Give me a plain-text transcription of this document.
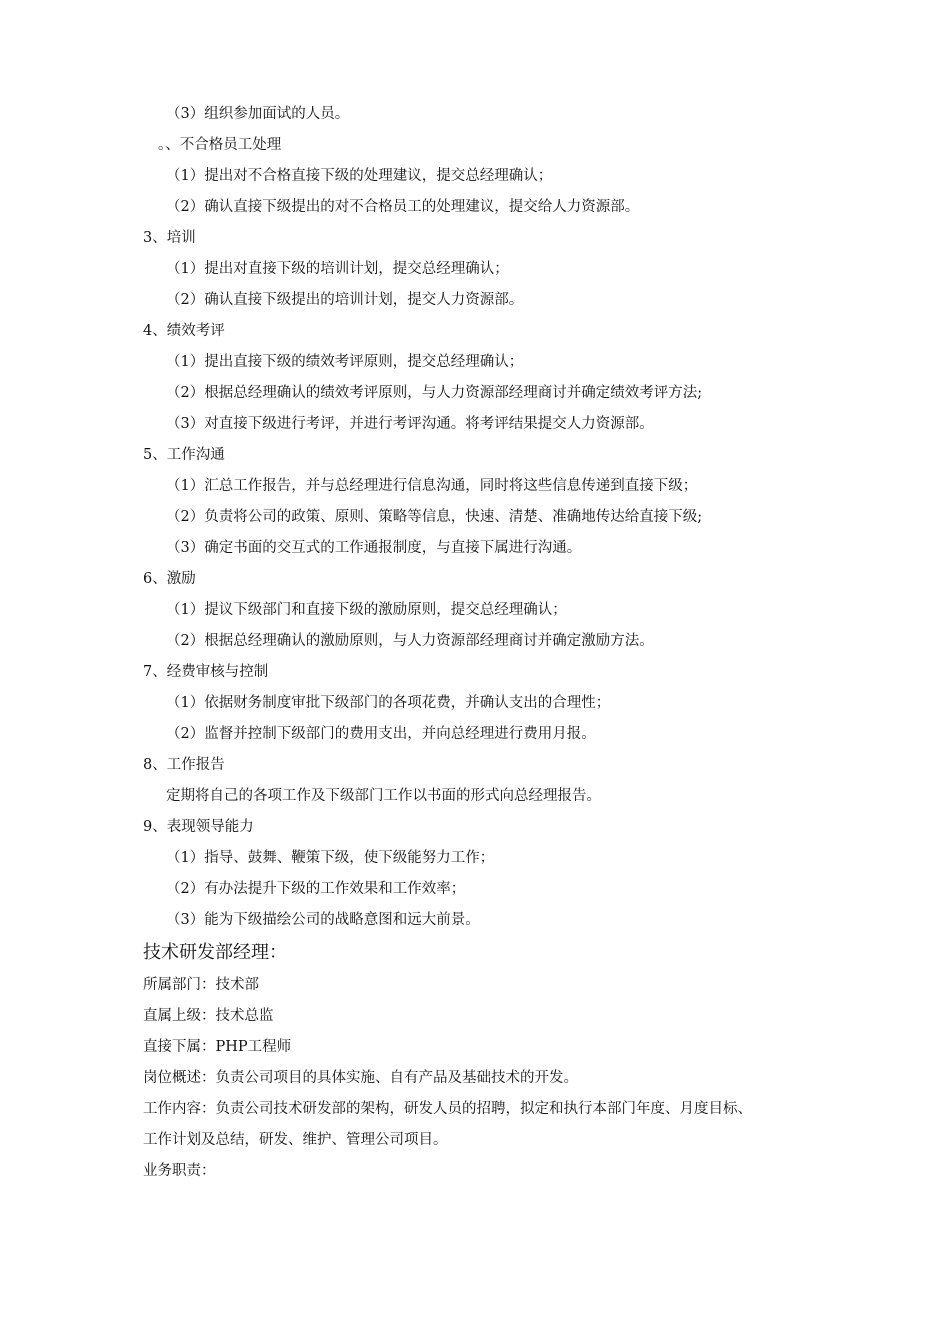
（3）组织参加面试的人员。
。、不合格员工处理
（1）提出对不合格直接下级的处理建议，提交总经理确认；
（2）确认直接下级提出的对不合格员工的处理建议，提交给人力资源部。
3、培训
（1）提出对直接下级的培训计划，提交总经理确认；
（2）确认直接下级提出的培训计划，提交人力资源部。
4、绩效考评
（1）提出直接下级的绩效考评原则，提交总经理确认；
（2）根据总经理确认的绩效考评原则，与人力资源部经理商讨并确定绩效考评方法;
（3）对直接下级进行考评，并进行考评沟通。将考评结果提交人力资源部。
5、工作沟通
（1）汇总工作报告，并与总经理进行信息沟通，同时将这些信息传递到直接下级；
（2）负责将公司的政策、原则、策略等信息，快速、清楚、准确地传达给直接下级;
（3）确定书面的交互式的工作通报制度，与直接下属进行沟通。
6、激励
（1）提议下级部门和直接下级的激励原则，提交总经理确认；
（2）根据总经理确认的激励原则，与人力资源部经理商讨并确定激励方法。
7、经费审核与控制
（1）依据财务制度审批下级部门的各项花费，并确认支出的合理性；
（2）监督并控制下级部门的费用支出，并向总经理进行费用月报。
8、工作报告
定期将自己的各项工作及下级部门工作以书面的形式向总经理报告。
9、表现领导能力
（1）指导、鼓舞、鞭策下级，使下级能努力工作；
（2）有办法提升下级的工作效果和工作效率；
（3）能为下级描绘公司的战略意图和远大前景。
技术研发部经理：
所属部门：技术部
直属上级：技术总监
直接下属：PHP工程师
岗位概述：负责公司项目的具体实施、自有产品及基础技术的开发。
工作内容：负责公司技术研发部的架构，研发人员的招聘，拟定和执行本部门年度、月度目标、
工作计划及总结，研发、维护、管理公司项目。
业务职责：
